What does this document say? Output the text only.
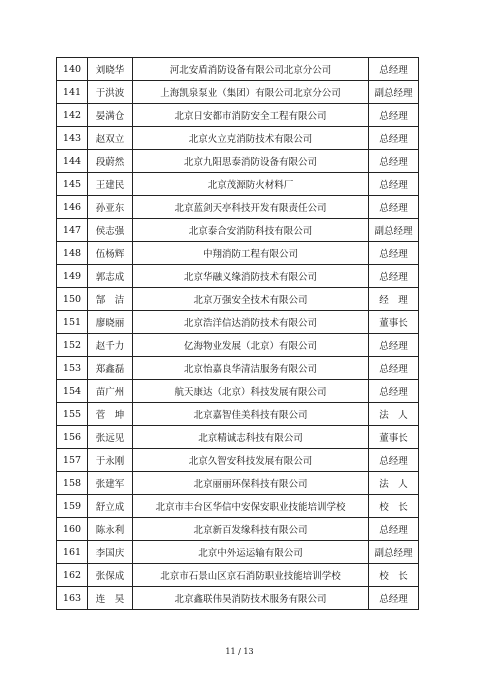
140	刘晓华	河北安盾消防设备有限公司北京分公司	总经理
141	于洪波	上海凯泉泵业（集团）有限公司北京分公司	副总经理
142	晏满仓	北京日安都市消防安全工程有限公司	总经理
143	赵双立	北京火立克消防技术有限公司	总经理
144	段蔚然	北京九阳思泰消防设备有限公司	总经理
145	王建民	北京茂源防火材料厂	总经理
146	孙亚东	北京蓝剑天亭科技开发有限责任公司	总经理
147	侯志强	北京泰合安消防科技有限公司	副总经理
148	伍杨辉	中翔消防工程有限公司	总经理
149	郭志成	北京华融义缘消防技术有限公司	总经理
150	郜　洁	北京万强安全技术有限公司	经　理
151	廖晓丽	北京浩洋信达消防技术有限公司	董事长
152	赵千力	亿海物业发展（北京）有限公司	总经理
153	郑鑫磊	北京怡嘉良华清洁服务有限公司	总经理
154	苗广州	航天康达（北京）科技发展有限公司	总经理
155	菅　坤	北京嘉智佳美科技有限公司	法　人
156	张远见	北京精诚志科技有限公司	董事长
157	于永刚	北京久智安科技发展有限公司	总经理
158	张建军	北京丽丽环保科技有限公司	法　人
159	舒立成	北京市丰台区华信中安保安职业技能培训学校	校　长
160	陈永利	北京新百发缘科技有限公司	总经理
161	李国庆	北京中外运运输有限公司	副总经理
162	张保成	北京市石景山区京石消防职业技能培训学校	校　长
163	连　昊	北京鑫联伟昊消防技术服务有限公司	总经理
11 / 13
